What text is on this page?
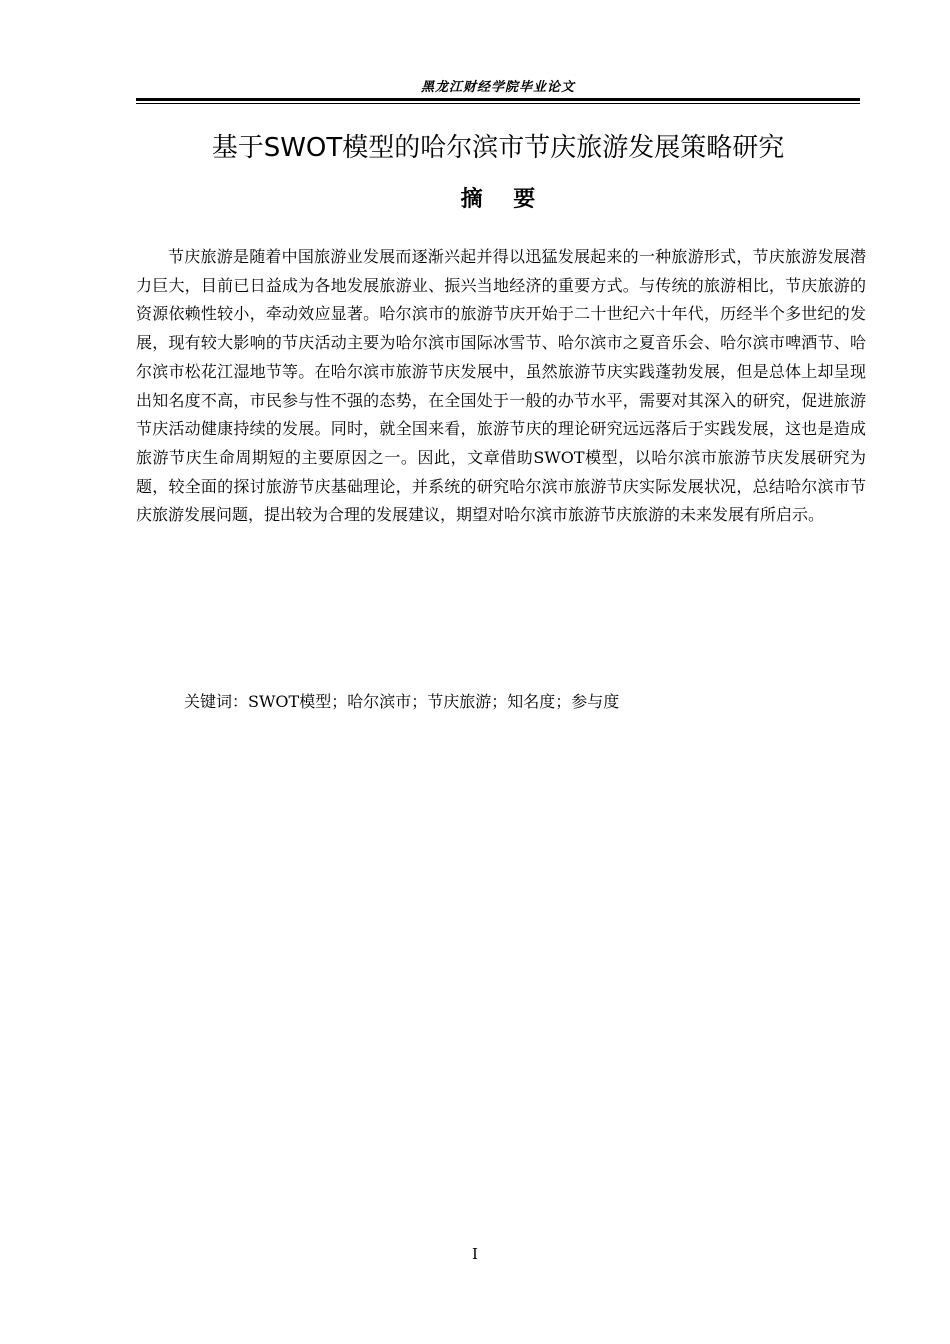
黑龙江财经学院毕业论文
基于SWOT模型的哈尔滨市节庆旅游发展策略研究
摘    要

节庆旅游是随着中国旅游业发展而逐渐兴起并得以迅猛发展起来的一种旅游形式，节庆旅游发展潜力巨大，目前已日益成为各地发展旅游业、振兴当地经济的重要方式。与传统的旅游相比，节庆旅游的资源依赖性较小，牵动效应显著。哈尔滨市的旅游节庆开始于二十世纪六十年代，历经半个多世纪的发展，现有较大影响的节庆活动主要为哈尔滨市国际冰雪节、哈尔滨市之夏音乐会、哈尔滨市啤酒节、哈尔滨市松花江湿地节等。在哈尔滨市旅游节庆发展中，虽然旅游节庆实践蓬勃发展，但是总体上却呈现出知名度不高，市民参与性不强的态势，在全国处于一般的办节水平，需要对其深入的研究，促进旅游节庆活动健康持续的发展。同时，就全国来看，旅游节庆的理论研究远远落后于实践发展，这也是造成旅游节庆生命周期短的主要原因之一。因此，文章借助SWOT模型，以哈尔滨市旅游节庆发展研究为题，较全面的探讨旅游节庆基础理论，并系统的研究哈尔滨市旅游节庆实际发展状况，总结哈尔滨市节庆旅游发展问题，提出较为合理的发展建议，期望对哈尔滨市旅游节庆旅游的未来发展有所启示。

关键词：SWOT模型；哈尔滨市；节庆旅游；知名度；参与度
I
